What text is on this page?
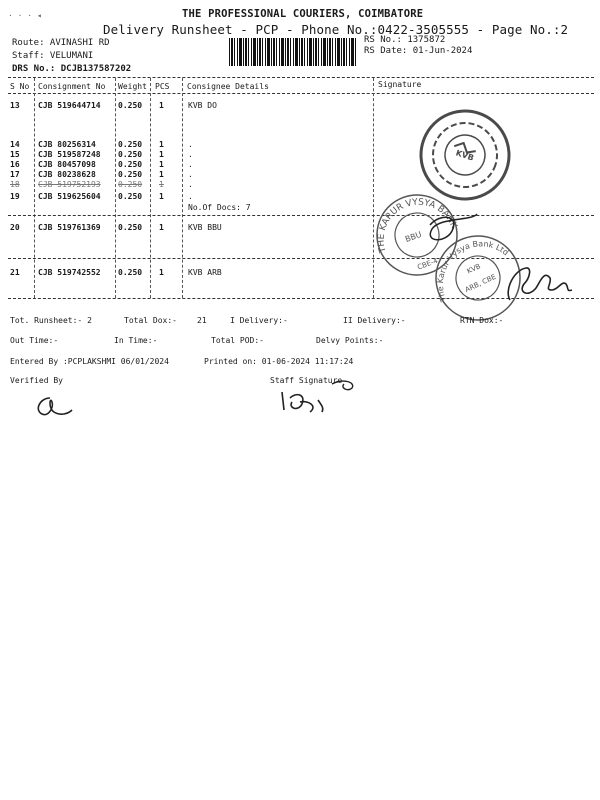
· · · ◂	THE PROFESSIONAL COURIERS, COIMBATORE
Delivery Runsheet - PCP - Phone No.:0422-3505555 - Page No.:2
Route: AVINASHI RD
Staff: VELUMANI
DRS No.: DCJB137587202
RS No.: 1375872
RS Date: 01-Jun-2024
S No Consignment No Weight PCS Consignee Details	Signature
13 CJB 519644714 0.250 1	KVB DO
14 CJB 80256314	0.250 1	.
15 CJB 519587248 0.250 1	.
16 CJB 80457098	0.250 1	.
17 CJB 80238628	0.250 1	.
18 CJB 519752193 0.250 1	.
19 CJB 519625604 0.250 1	.
No.Of Docs: 7
20 CJB 519761369 0.250 1	KVB BBU
21 CJB 519742552 0.250 1	KVB ARB
KVB
THE KARUR VYSYA BANK
BBU
CBE-4
The Karur Vysya Bank Ltd
KVB
ARB, CBE
Tot. Runsheet:- 2	Total Dox:-	21	I Delivery:-	II Delivery:-	RTN Dox:-
Out Time:-	In Time:-	Total POD:-	Delvy Points:-
Entered By :PCPLAKSHMI 06/01/2024	Printed on: 01-06-2024 11:17:24
Verified By	Staff Signature
